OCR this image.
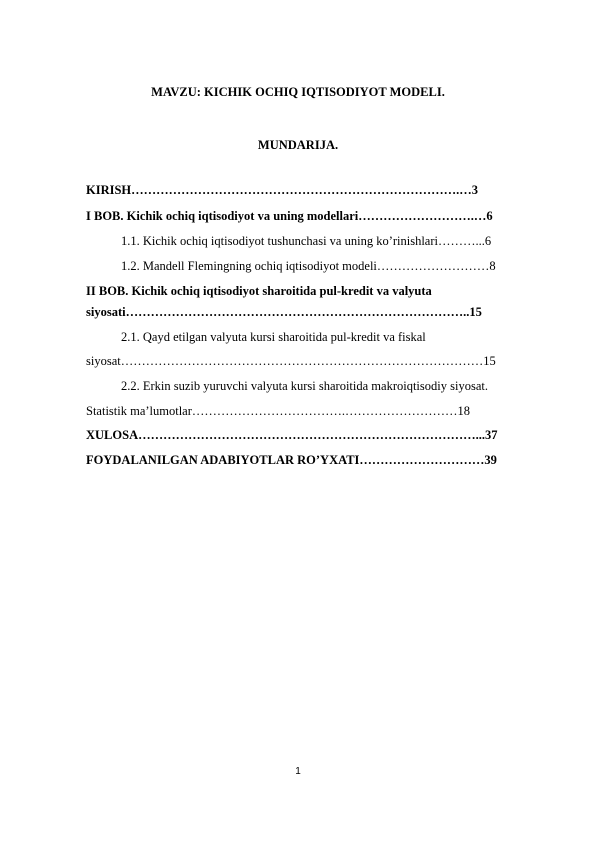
MAVZU: KICHIK OCHIQ IQTISODIYOT MODELI.
MUNDARIJA.
KIRISH…………………………………………………………………….…3
I BOB. Kichik ochiq iqtisodiyot va uning modellari……………………….…6
1.1. Kichik ochiq iqtisodiyot tushunchasi va uning ko’rinishlari………...6
1.2. Mandell Flemingning ochiq iqtisodiyot modeli………………………8
II BOB. Kichik ochiq iqtisodiyot sharoitida pul-kredit va valyuta
siyosati………………………………………………………………………..15
2.1. Qayd etilgan valyuta kursi sharoitida pul-kredit va fiskal
siyosat……………………………………………………………………………15
2.2. Erkin suzib yuruvchi valyuta kursi sharoitida makroiqtisodiy siyosat.
Statistik ma’lumotlar……………………………….………………………18
XULOSA………………………………………………………………………...37
FOYDALANILGAN ADABIYOTLAR RO’YXATI…………………………39
1
